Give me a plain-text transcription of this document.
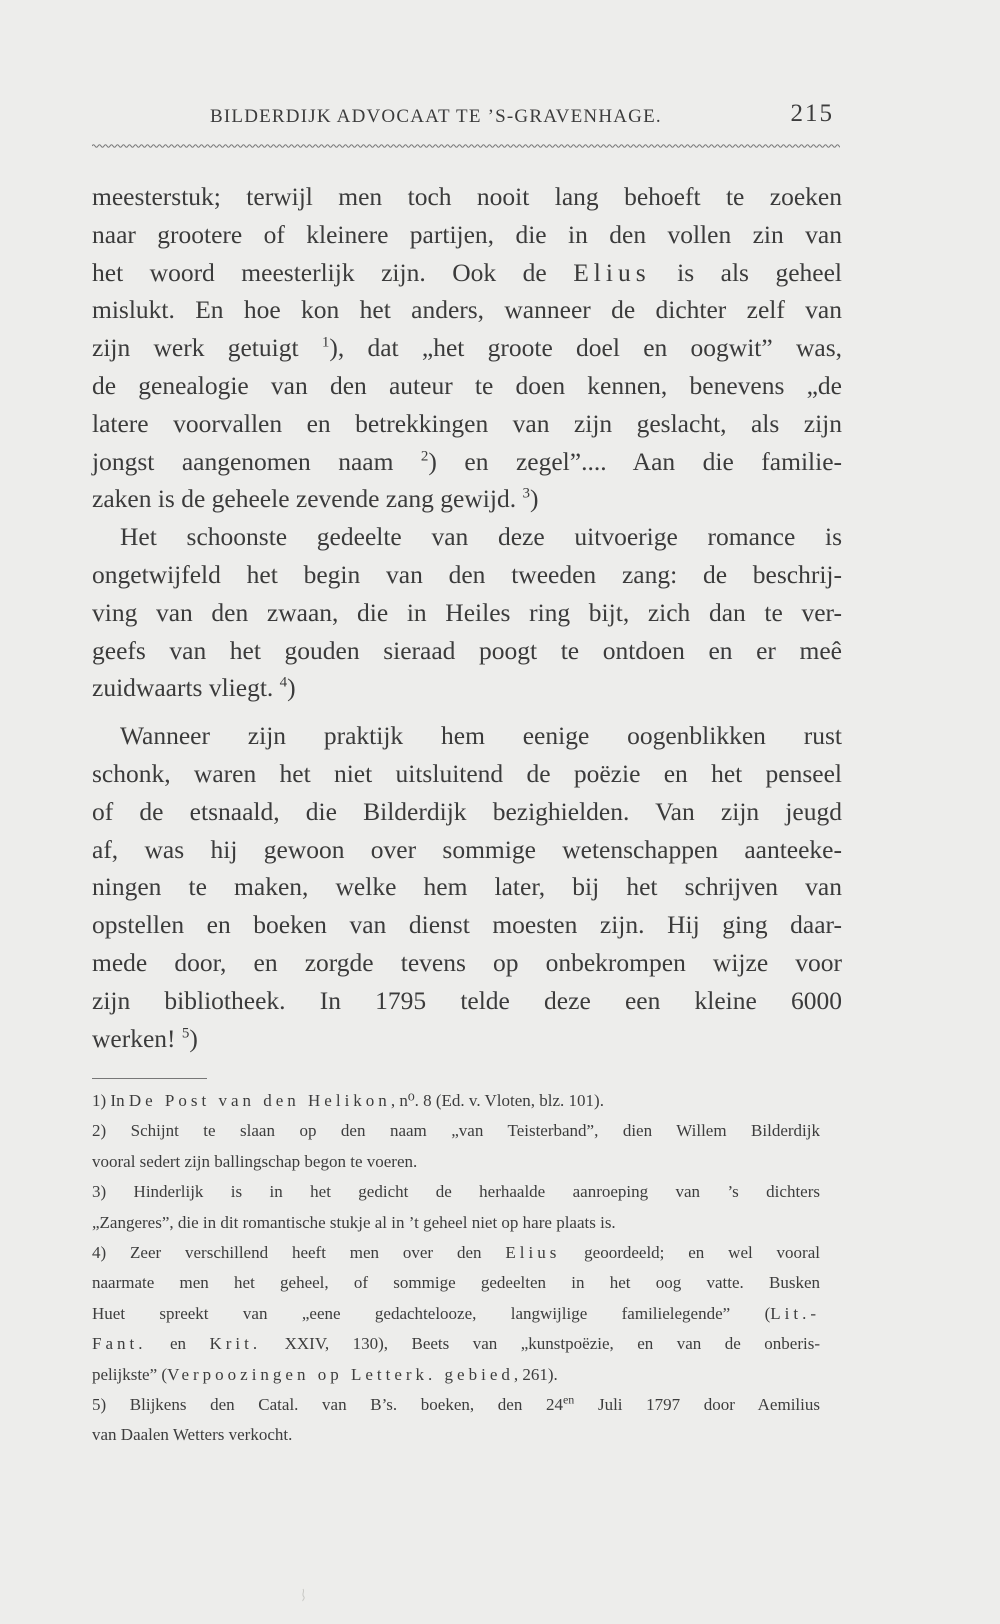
BILDERDIJK ADVOCAAT TE ’S-GRAVENHAGE.	215
meesterstuk; terwijl men toch nooit lang behoeft te zoeken
naar grootere of kleinere partijen, die in den vollen zin van
het woord meesterlijk zijn. Ook de Elius is als geheel
mislukt. En hoe kon het anders, wanneer de dichter zelf van
zijn werk getuigt $^1$), dat „het groote doel en oogwit” was,
de genealogie van den auteur te doen kennen, benevens „de
latere voorvallen en betrekkingen van zijn geslacht, als zijn
jongst aangenomen naam $^2$) en zegel”.... Aan die familie-
zaken is de geheele zevende zang gewijd. $^3$)
Het schoonste gedeelte van deze uitvoerige romance is
ongetwijfeld het begin van den tweeden zang: de beschrij-
ving van den zwaan, die in Heiles ring bijt, zich dan te ver-
geefs van het gouden sieraad poogt te ontdoen en er meê
zuidwaarts vliegt. $^4$)
Wanneer zijn praktijk hem eenige oogenblikken rust
schonk, waren het niet uitsluitend de poëzie en het penseel
of de etsnaald, die Bilderdijk bezighielden. Van zijn jeugd
af, was hij gewoon over sommige wetenschappen aanteeke-
ningen te maken, welke hem later, bij het schrijven van
opstellen en boeken van dienst moesten zijn. Hij ging daar-
mede door, en zorgde tevens op onbekrompen wijze voor
zijn bibliotheek. In 1795 telde deze een kleine 6000
werken! $^5$)
1) In De Post van den Helikon, n⁰. 8 (Ed. v. Vloten, blz. 101).
2) Schijnt te slaan op den naam „van Teisterband”, dien Willem Bilderdijk
vooral sedert zijn ballingschap begon te voeren.
3) Hinderlijk is in het gedicht de herhaalde aanroeping van ’s dichters
„Zangeres”, die in dit romantische stukje al in ’t geheel niet op hare plaats is.
4) Zeer verschillend heeft men over den Elius geoordeeld; en wel vooral
naarmate men het geheel, of sommige gedeelten in het oog vatte. Busken
Huet spreekt van „eene gedachtelooze, langwijlige familielegende” (Lit.-
Fant. en Krit. XXIV, 130), Beets van „kunstpoëzie, en van de onberis-
pelijkste” (Verpoozingen op Letterk. gebied, 261).
5) Blijkens den Catal. van B’s. boeken, den $24^{en}$ Juli 1797 door Aemilius
van Daalen Wetters verkocht.
